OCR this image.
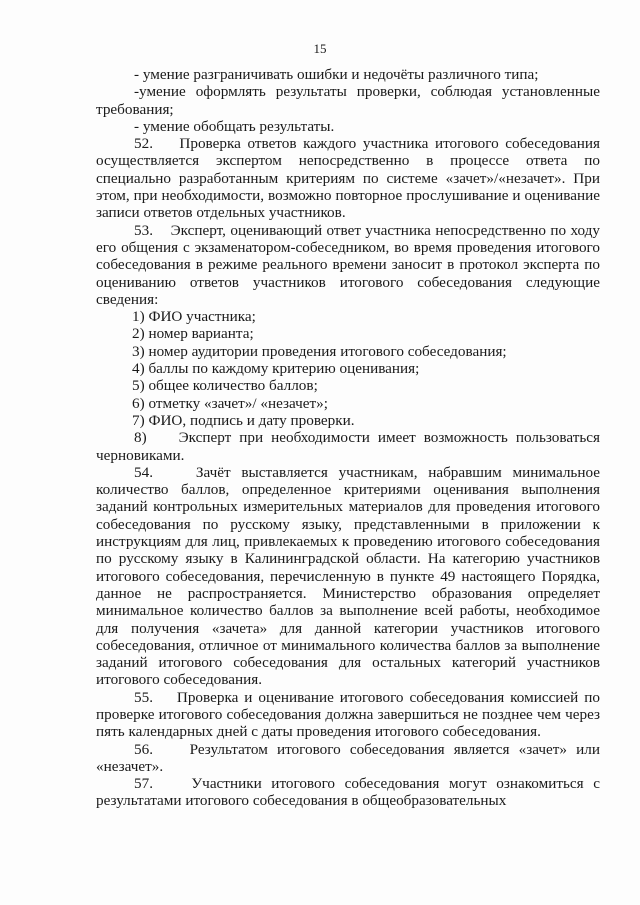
15

- умение разграничивать ошибки и недочёты различного типа;

-умение оформлять результаты проверки, соблюдая установленные требования;

- умение обобщать результаты.

52.    Проверка ответов каждого участника итогового собеседования осуществляется экспертом непосредственно в процессе ответа по специально разработанным критериям по системе «зачет»/«незачет». При этом, при необходимости, возможно повторное прослушивание и оценивание записи ответов отдельных участников.

53.    Эксперт, оценивающий ответ участника непосредственно по ходу его общения с экзаменатором-собеседником, во время проведения итогового собеседования в режиме реального времени заносит в протокол эксперта по оцениванию ответов участников итогового собеседования следующие сведения:

1) ФИО участника;

2) номер варианта;

3) номер аудитории проведения итогового собеседования;

4) баллы по каждому критерию оценивания;

5) общее количество баллов;

6) отметку «зачет»/ «незачет»;

7) ФИО, подпись и дату проверки.

8)    Эксперт при необходимости имеет возможность пользоваться черновиками.

54.    Зачёт выставляется участникам, набравшим минимальное количество баллов, определенное критериями оценивания выполнения заданий контрольных измерительных материалов для проведения итогового собеседования по русскому языку, представленными в приложении к инструкциям для лиц, привлекаемых к проведению итогового собеседования по русскому языку в Калининградской области. На категорию участников итогового собеседования, перечисленную в пункте 49 настоящего Порядка, данное не распространяется. Министерство образования определяет минимальное количество баллов за выполнение всей работы, необходимое для получения «зачета» для данной категории участников итогового собеседования, отличное от минимального количества баллов за выполнение заданий итогового собеседования для остальных категорий участников итогового собеседования.

55.    Проверка и оценивание итогового собеседования комиссией по проверке итогового собеседования должна завершиться не позднее чем через пять календарных дней с даты проведения итогового собеседования.

56.    Результатом итогового собеседования является «зачет» или «незачет».

57.    Участники итогового собеседования могут ознакомиться с результатами итогового собеседования в общеобразовательных
